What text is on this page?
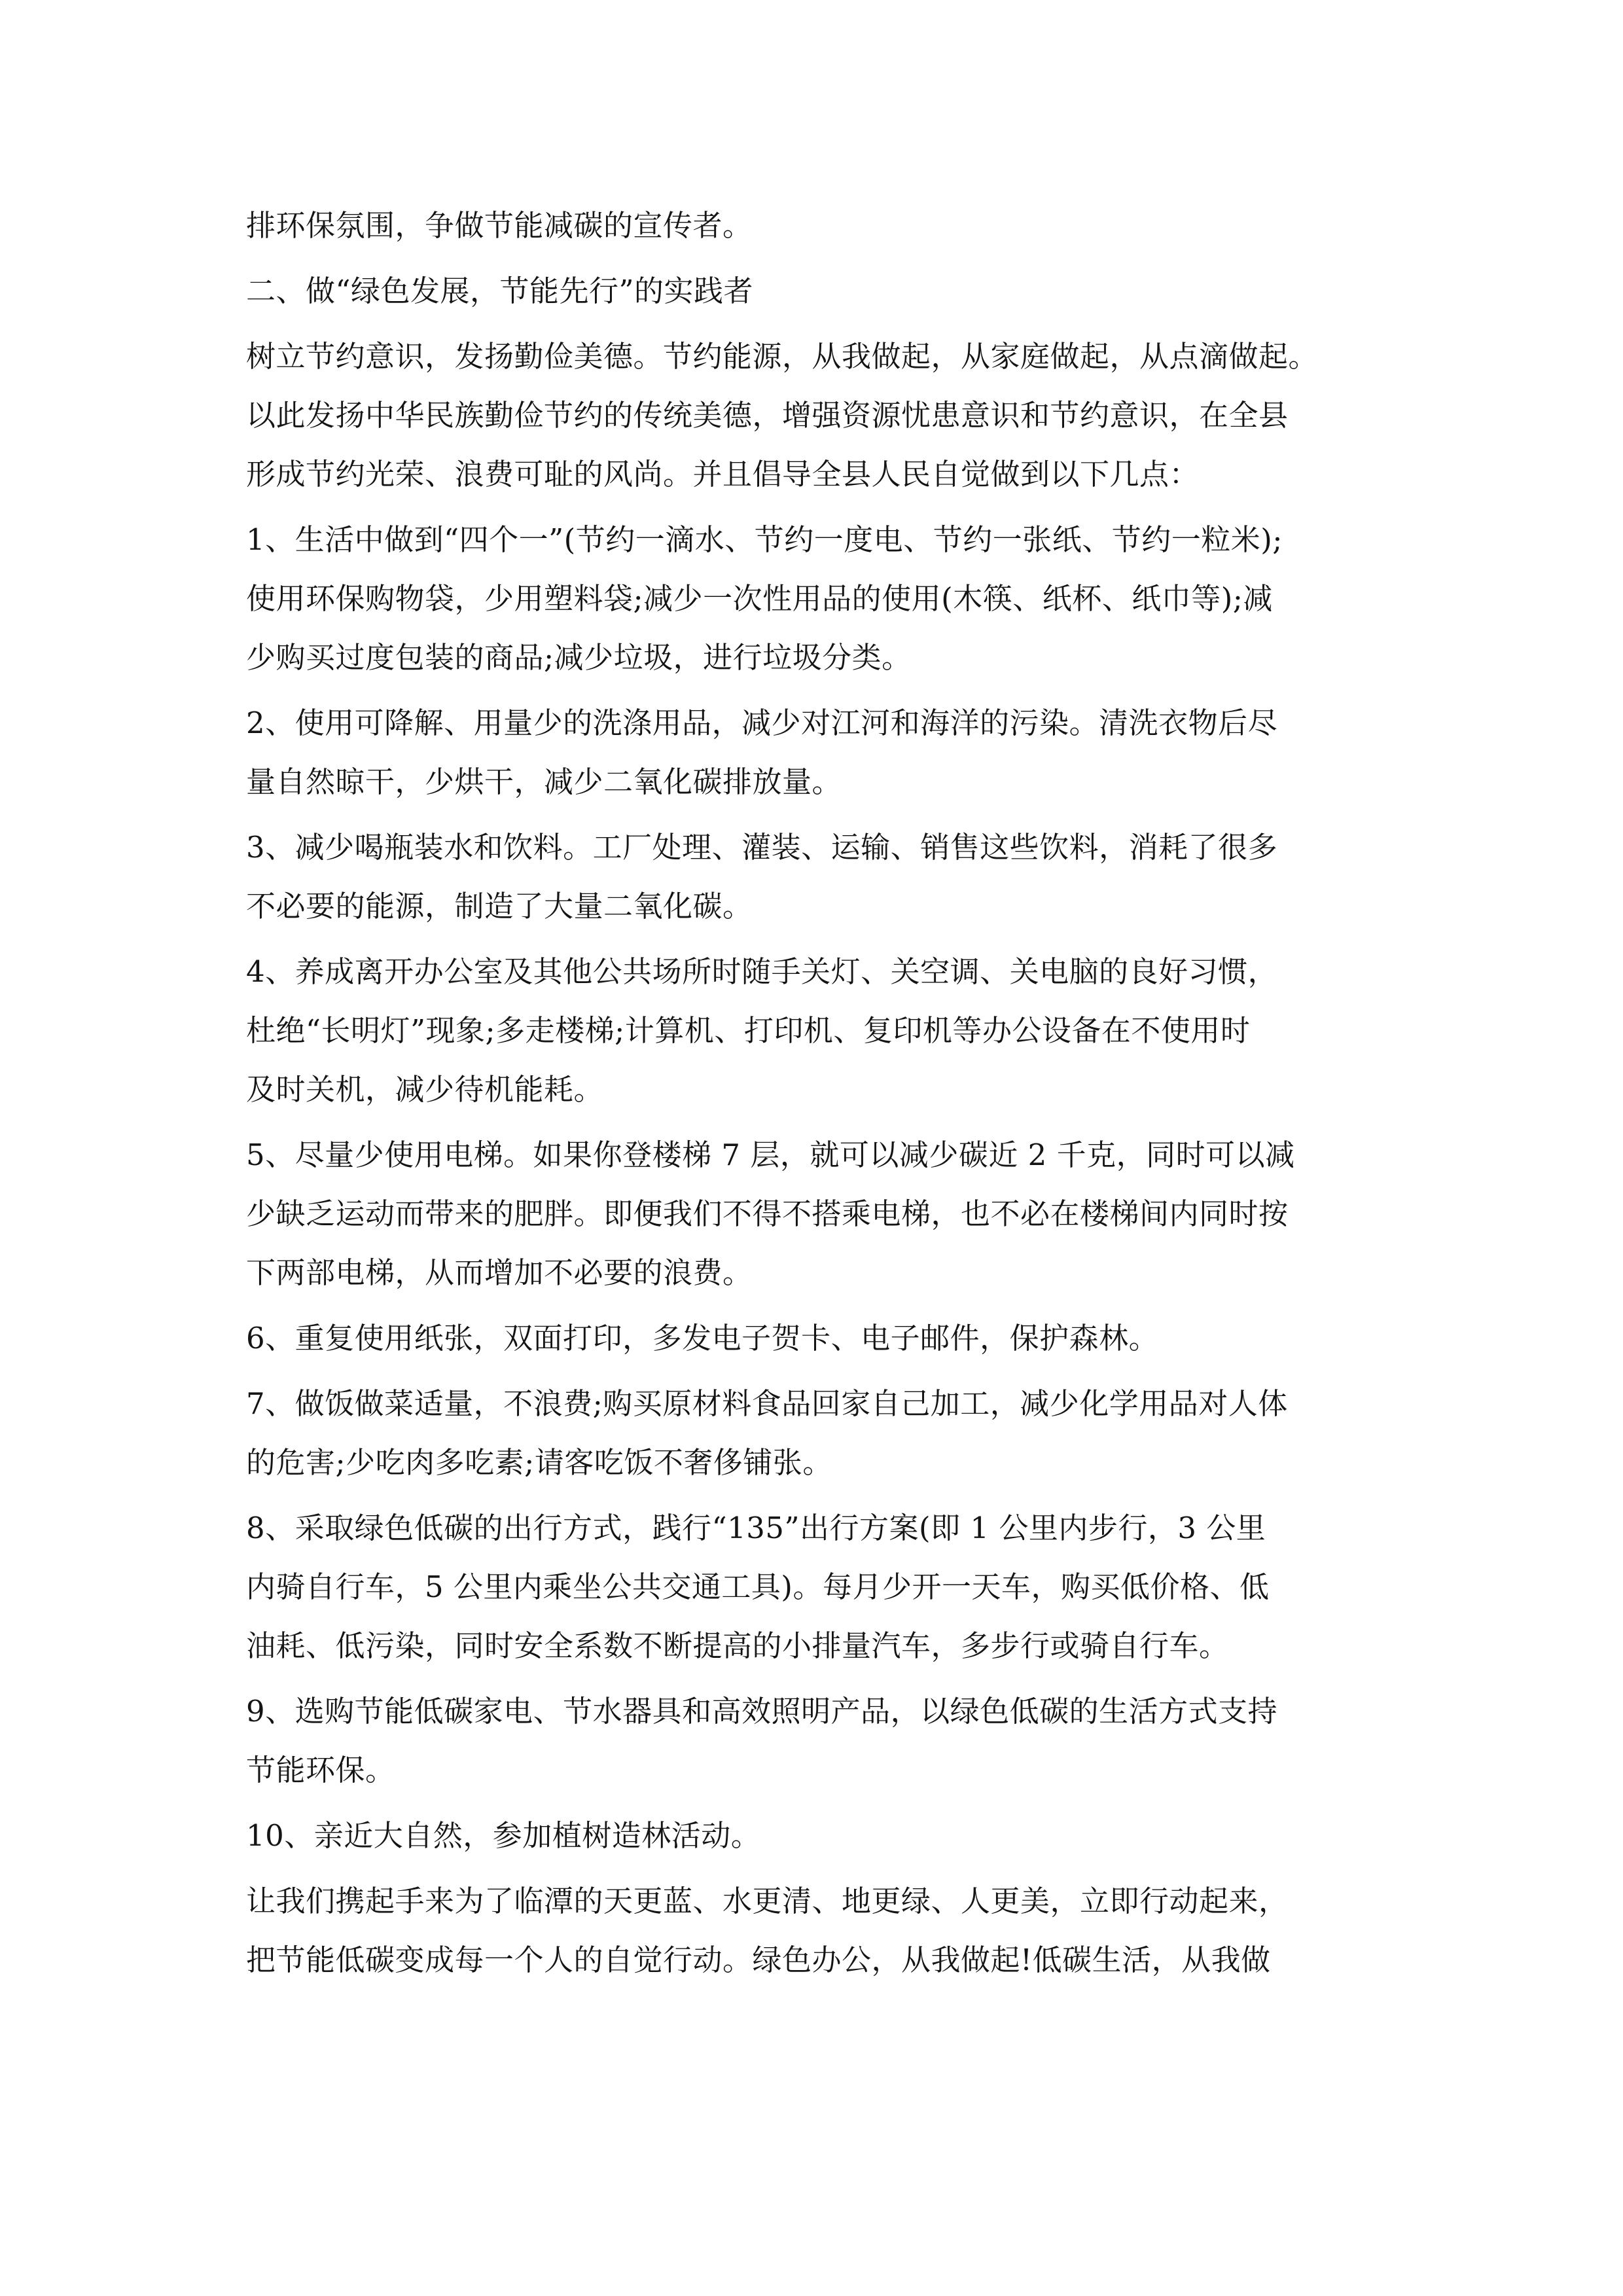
排环保氛围，争做节能减碳的宣传者。
二、做“绿色发展，节能先行”的实践者
树立节约意识，发扬勤俭美德。节约能源，从我做起，从家庭做起，从点滴做起。
以此发扬中华民族勤俭节约的传统美德，增强资源忧患意识和节约意识，在全县
形成节约光荣、浪费可耻的风尚。并且倡导全县人民自觉做到以下几点：
1、生活中做到“四个一”(节约一滴水、节约一度电、节约一张纸、节约一粒米);
使用环保购物袋，少用塑料袋;减少一次性用品的使用(木筷、纸杯、纸巾等);减
少购买过度包装的商品;减少垃圾，进行垃圾分类。
2、使用可降解、用量少的洗涤用品，减少对江河和海洋的污染。清洗衣物后尽
量自然晾干，少烘干，减少二氧化碳排放量。
3、减少喝瓶装水和饮料。工厂处理、灌装、运输、销售这些饮料，消耗了很多
不必要的能源，制造了大量二氧化碳。
4、养成离开办公室及其他公共场所时随手关灯、关空调、关电脑的良好习惯，
杜绝“长明灯”现象;多走楼梯;计算机、打印机、复印机等办公设备在不使用时
及时关机，减少待机能耗。
5、尽量少使用电梯。如果你登楼梯 7 层，就可以减少碳近 2 千克，同时可以减
少缺乏运动而带来的肥胖。即便我们不得不搭乘电梯，也不必在楼梯间内同时按
下两部电梯，从而增加不必要的浪费。
6、重复使用纸张，双面打印，多发电子贺卡、电子邮件，保护森林。
7、做饭做菜适量，不浪费;购买原材料食品回家自己加工，减少化学用品对人体
的危害;少吃肉多吃素;请客吃饭不奢侈铺张。
8、采取绿色低碳的出行方式，践行“135”出行方案(即 1 公里内步行，3 公里
内骑自行车，5 公里内乘坐公共交通工具)。每月少开一天车，购买低价格、低
油耗、低污染，同时安全系数不断提高的小排量汽车，多步行或骑自行车。
9、选购节能低碳家电、节水器具和高效照明产品，以绿色低碳的生活方式支持
节能环保。
10、亲近大自然，参加植树造林活动。
让我们携起手来为了临潭的天更蓝、水更清、地更绿、人更美，立即行动起来，
把节能低碳变成每一个人的自觉行动。绿色办公，从我做起!低碳生活，从我做
